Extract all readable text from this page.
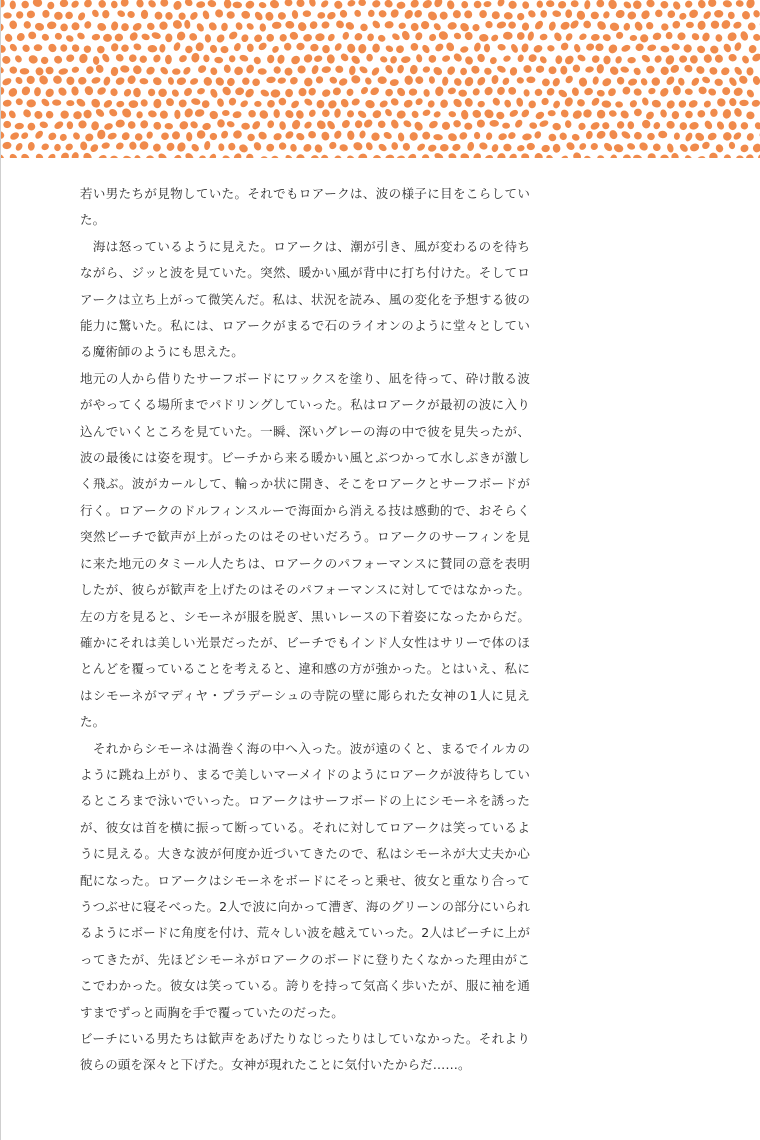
若い男たちが見物していた。それでもロアークは、波の様子に目をこらしていた。

　海は怒っているように見えた。ロアークは、潮が引き、風が変わるのを待ちながら、ジッと波を見ていた。突然、暖かい風が背中に打ち付けた。そしてロアークは立ち上がって微笑んだ。私は、状況を読み、風の変化を予想する彼の能力に驚いた。私には、ロアークがまるで石のライオンのように堂々としている魔術師のようにも思えた。

地元の人から借りたサーフボードにワックスを塗り、凪を待って、砕け散る波がやってくる場所までパドリングしていった。私はロアークが最初の波に入り込んでいくところを見ていた。一瞬、深いグレーの海の中で彼を見失ったが、波の最後には姿を現す。ビーチから来る暖かい風とぶつかって水しぶきが激しく飛ぶ。波がカールして、輪っか状に開き、そこをロアークとサーフボードが行く。ロアークのドルフィンスルーで海面から消える技は感動的で、おそらく突然ビーチで歓声が上がったのはそのせいだろう。ロアークのサーフィンを見に来た地元のタミール人たちは、ロアークのパフォーマンスに賛同の意を表明したが、彼らが歓声を上げたのはそのパフォーマンスに対してではなかった。左の方を見ると、シモーネが服を脱ぎ、黒いレースの下着姿になったからだ。確かにそれは美しい光景だったが、ビーチでもインド人女性はサリーで体のほとんどを覆っていることを考えると、違和感の方が強かった。とはいえ、私にはシモーネがマディヤ・プラデーシュの寺院の壁に彫られた女神の1人に見えた。

　それからシモーネは渦巻く海の中へ入った。波が遠のくと、まるでイルカのように跳ね上がり、まるで美しいマーメイドのようにロアークが波待ちしているところまで泳いでいった。ロアークはサーフボードの上にシモーネを誘ったが、彼女は首を横に振って断っている。それに対してロアークは笑っているように見える。大きな波が何度か近づいてきたので、私はシモーネが大丈夫か心配になった。ロアークはシモーネをボードにそっと乗せ、彼女と重なり合ってうつぶせに寝そべった。2人で波に向かって漕ぎ、海のグリーンの部分にいられるようにボードに角度を付け、荒々しい波を越えていった。2人はビーチに上がってきたが、先ほどシモーネがロアークのボードに登りたくなかった理由がここでわかった。彼女は笑っている。誇りを持って気高く歩いたが、服に袖を通すまでずっと両胸を手で覆っていたのだった。

ビーチにいる男たちは歓声をあげたりなじったりはしていなかった。それより彼らの頭を深々と下げた。女神が現れたことに気付いたからだ……。
